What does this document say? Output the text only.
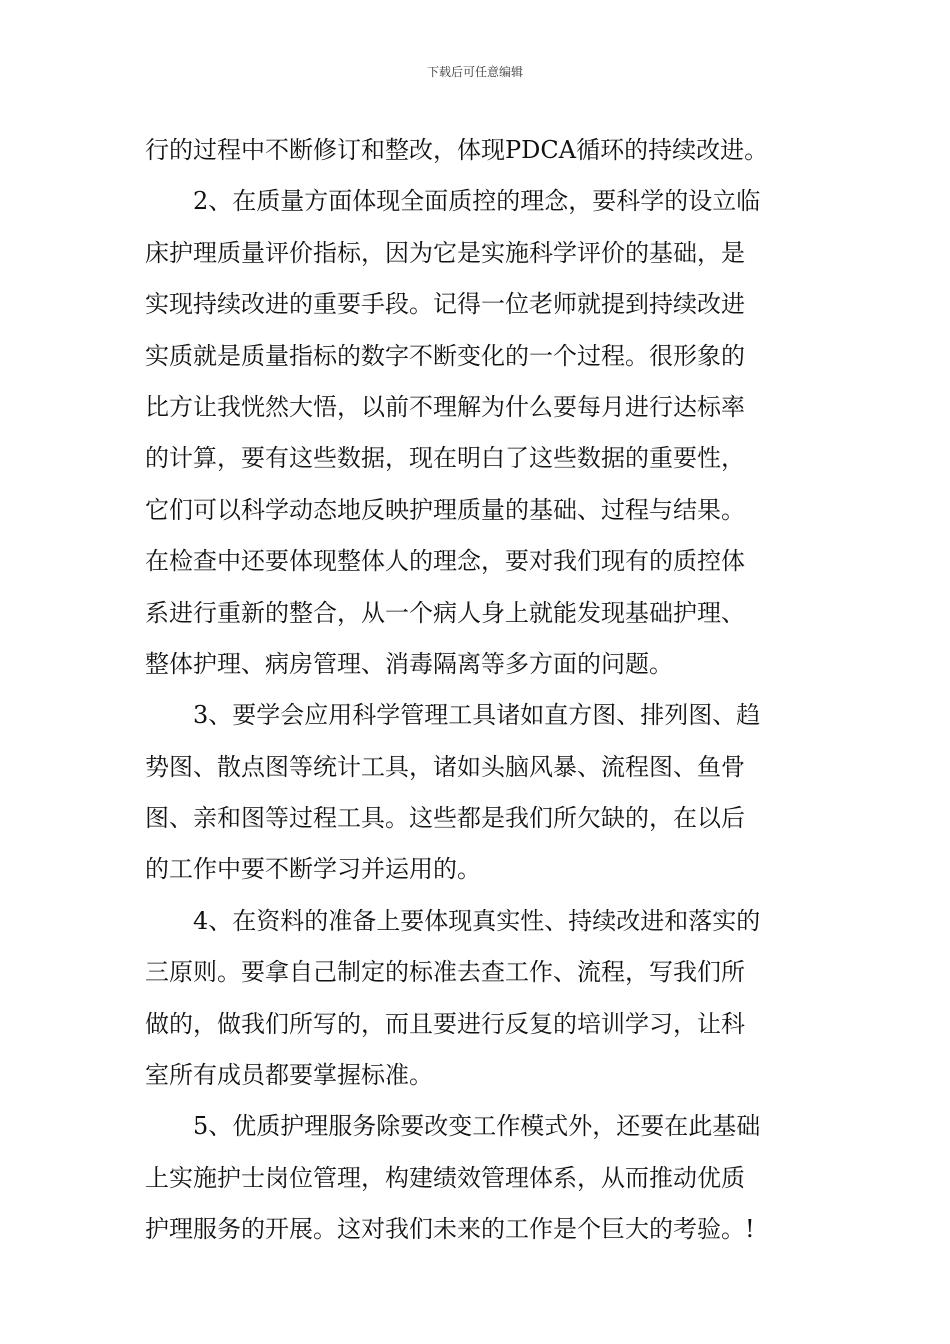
下载后可任意编辑
行的过程中不断修订和整改，体现PDCA循环的持续改进。
2、在质量方面体现全面质控的理念，要科学的设立临
床护理质量评价指标，因为它是实施科学评价的基础，是
实现持续改进的重要手段。记得一位老师就提到持续改进
实质就是质量指标的数字不断变化的一个过程。很形象的
比方让我恍然大悟，以前不理解为什么要每月进行达标率
的计算，要有这些数据，现在明白了这些数据的重要性，
它们可以科学动态地反映护理质量的基础、过程与结果。
在检查中还要体现整体人的理念，要对我们现有的质控体
系进行重新的整合，从一个病人身上就能发现基础护理、
整体护理、病房管理、消毒隔离等多方面的问题。
3、要学会应用科学管理工具诸如直方图、排列图、趋
势图、散点图等统计工具，诸如头脑风暴、流程图、鱼骨
图、亲和图等过程工具。这些都是我们所欠缺的，在以后
的工作中要不断学习并运用的。
4、在资料的准备上要体现真实性、持续改进和落实的
三原则。要拿自己制定的标准去查工作、流程，写我们所
做的，做我们所写的，而且要进行反复的培训学习，让科
室所有成员都要掌握标准。
5、优质护理服务除要改变工作模式外，还要在此基础
上实施护士岗位管理，构建绩效管理体系，从而推动优质
护理服务的开展。这对我们未来的工作是个巨大的考验。!
